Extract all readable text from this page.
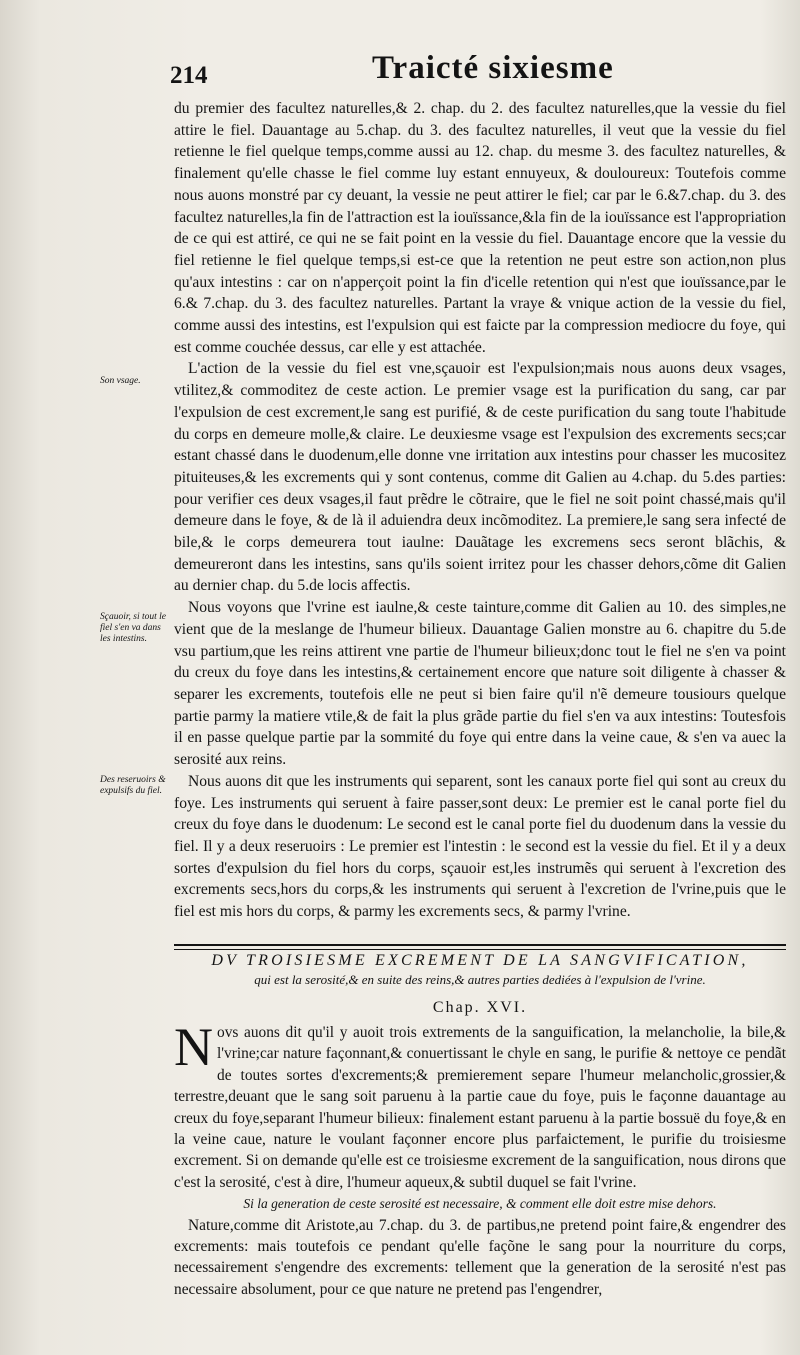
214	Traicté sixiesme
Son vsage.
Sçauoir, si tout le fiel s'en va dans les intestins.
Des reseruoirs & expulsifs du fiel.

du premier des facultez naturelles,& 2. chap. du 2. des facultez naturelles,que la vessie du fiel attire le fiel. Dauantage au 5.chap. du 3. des facultez naturelles, il veut que la vessie du fiel retienne le fiel quelque temps,comme aussi au 12. chap. du mesme 3. des facultez naturelles, & finalement qu'elle chasse le fiel comme luy estant ennuyeux, & douloureux: Toutefois comme nous auons monstré par cy deuant, la vessie ne peut attirer le fiel; car par le 6.&7.chap. du 3. des facultez naturelles,la fin de l'attraction est la iouïssance,&la fin de la iouïssance est l'appropriation de ce qui est attiré, ce qui ne se fait point en la vessie du fiel. Dauantage encore que la vessie du fiel retienne le fiel quelque temps,si est-ce que la retention ne peut estre son action,non plus qu'aux intestins : car on n'apperçoit point la fin d'icelle retention qui n'est que iouïssance,par le 6.& 7.chap. du 3. des facultez naturelles. Partant la vraye & vnique action de la vessie du fiel, comme aussi des intestins, est l'expulsion qui est faicte par la compression mediocre du foye, qui est comme couchée dessus, car elle y est attachée.

L'action de la vessie du fiel est vne,sçauoir est l'expulsion;mais nous auons deux vsages, vtilitez,& commoditez de ceste action. Le premier vsage est la purification du sang, car par l'expulsion de cest excrement,le sang est purifié, & de ceste purification du sang toute l'habitude du corps en demeure molle,& claire. Le deuxiesme vsage est l'expulsion des excrements secs;car estant chassé dans le duodenum,elle donne vne irritation aux intestins pour chasser les mucositez pituiteuses,& les excrements qui y sont contenus, comme dit Galien au 4.chap. du 5.des parties: pour verifier ces deux vsages,il faut prẽdre le cõtraire, que le fiel ne soit point chassé,mais qu'il demeure dans le foye, & de là il aduiendra deux incõmoditez. La premiere,le sang sera infecté de bile,& le corps demeurera tout iaulne: Dauãtage les excremens secs seront blãchis, & demeureront dans les intestins, sans qu'ils soient irritez pour les chasser dehors,cõme dit Galien au dernier chap. du 5.de locis affectis.

Nous voyons que l'vrine est iaulne,& ceste tainture,comme dit Galien au 10. des simples,ne vient que de la meslange de l'humeur bilieux. Dauantage Galien monstre au 6. chapitre du 5.de vsu partium,que les reins attirent vne partie de l'humeur bilieux;donc tout le fiel ne s'en va point du creux du foye dans les intestins,& certainement encore que nature soit diligente à chasser & separer les excrements, toutefois elle ne peut si bien faire qu'il n'ẽ demeure tousiours quelque partie parmy la matiere vtile,& de fait la plus grãde partie du fiel s'en va aux intestins: Toutesfois il en passe quelque partie par la sommité du foye qui entre dans la veine caue, & s'en va auec la serosité aux reins.

Nous auons dit que les instruments qui separent, sont les canaux porte fiel qui sont au creux du foye. Les instruments qui seruent à faire passer,sont deux: Le premier est le canal porte fiel du creux du foye dans le duodenum: Le second est le canal porte fiel du duodenum dans la vessie du fiel. Il y a deux reseruoirs : Le premier est l'intestin : le second est la vessie du fiel. Et il y a deux sortes d'expulsion du fiel hors du corps, sçauoir est,les instrumẽs qui seruent à l'excretion des excrements secs,hors du corps,& les instruments qui seruent à l'excretion de l'vrine,puis que le fiel est mis hors du corps, & parmy les excrements secs, & parmy l'vrine.

DV TROISIESME EXCREMENT DE LA SANGVIFICATION,
qui est la serosité,& en suite des reins,& autres parties dediées à l'expulsion de l'vrine.
Chap. XVI.

N ovs auons dit qu'il y auoit trois extrements de la sanguification, la melancholie, la bile,& l'vrine;car nature façonnant,& conuertissant le chyle en sang, le purifie & nettoye ce pendãt de toutes sortes d'excrements;& premierement separe l'humeur melancholic,grossier,& terrestre,deuant que le sang soit paruenu à la partie caue du foye, puis le façonne dauantage au creux du foye,separant l'humeur bilieux: finalement estant paruenu à la partie bossuë du foye,& en la veine caue, nature le voulant façonner encore plus parfaictement, le purifie du troisiesme excrement. Si on demande qu'elle est ce troisiesme excrement de la sanguification, nous dirons que c'est la serosité, c'est à dire, l'humeur aqueux,& subtil duquel se fait l'vrine.

Si la generation de ceste serosité est necessaire, & comment elle doit estre mise dehors.

Nature,comme dit Aristote,au 7.chap. du 3. de partibus,ne pretend point faire,& engendrer des excrements: mais toutefois ce pendant qu'elle façõne le sang pour la nourriture du corps, necessairement s'engendre des excrements: tellement que la generation de la serosité n'est pas necessaire absolument, pour ce que nature ne pretend pas l'engendrer,
